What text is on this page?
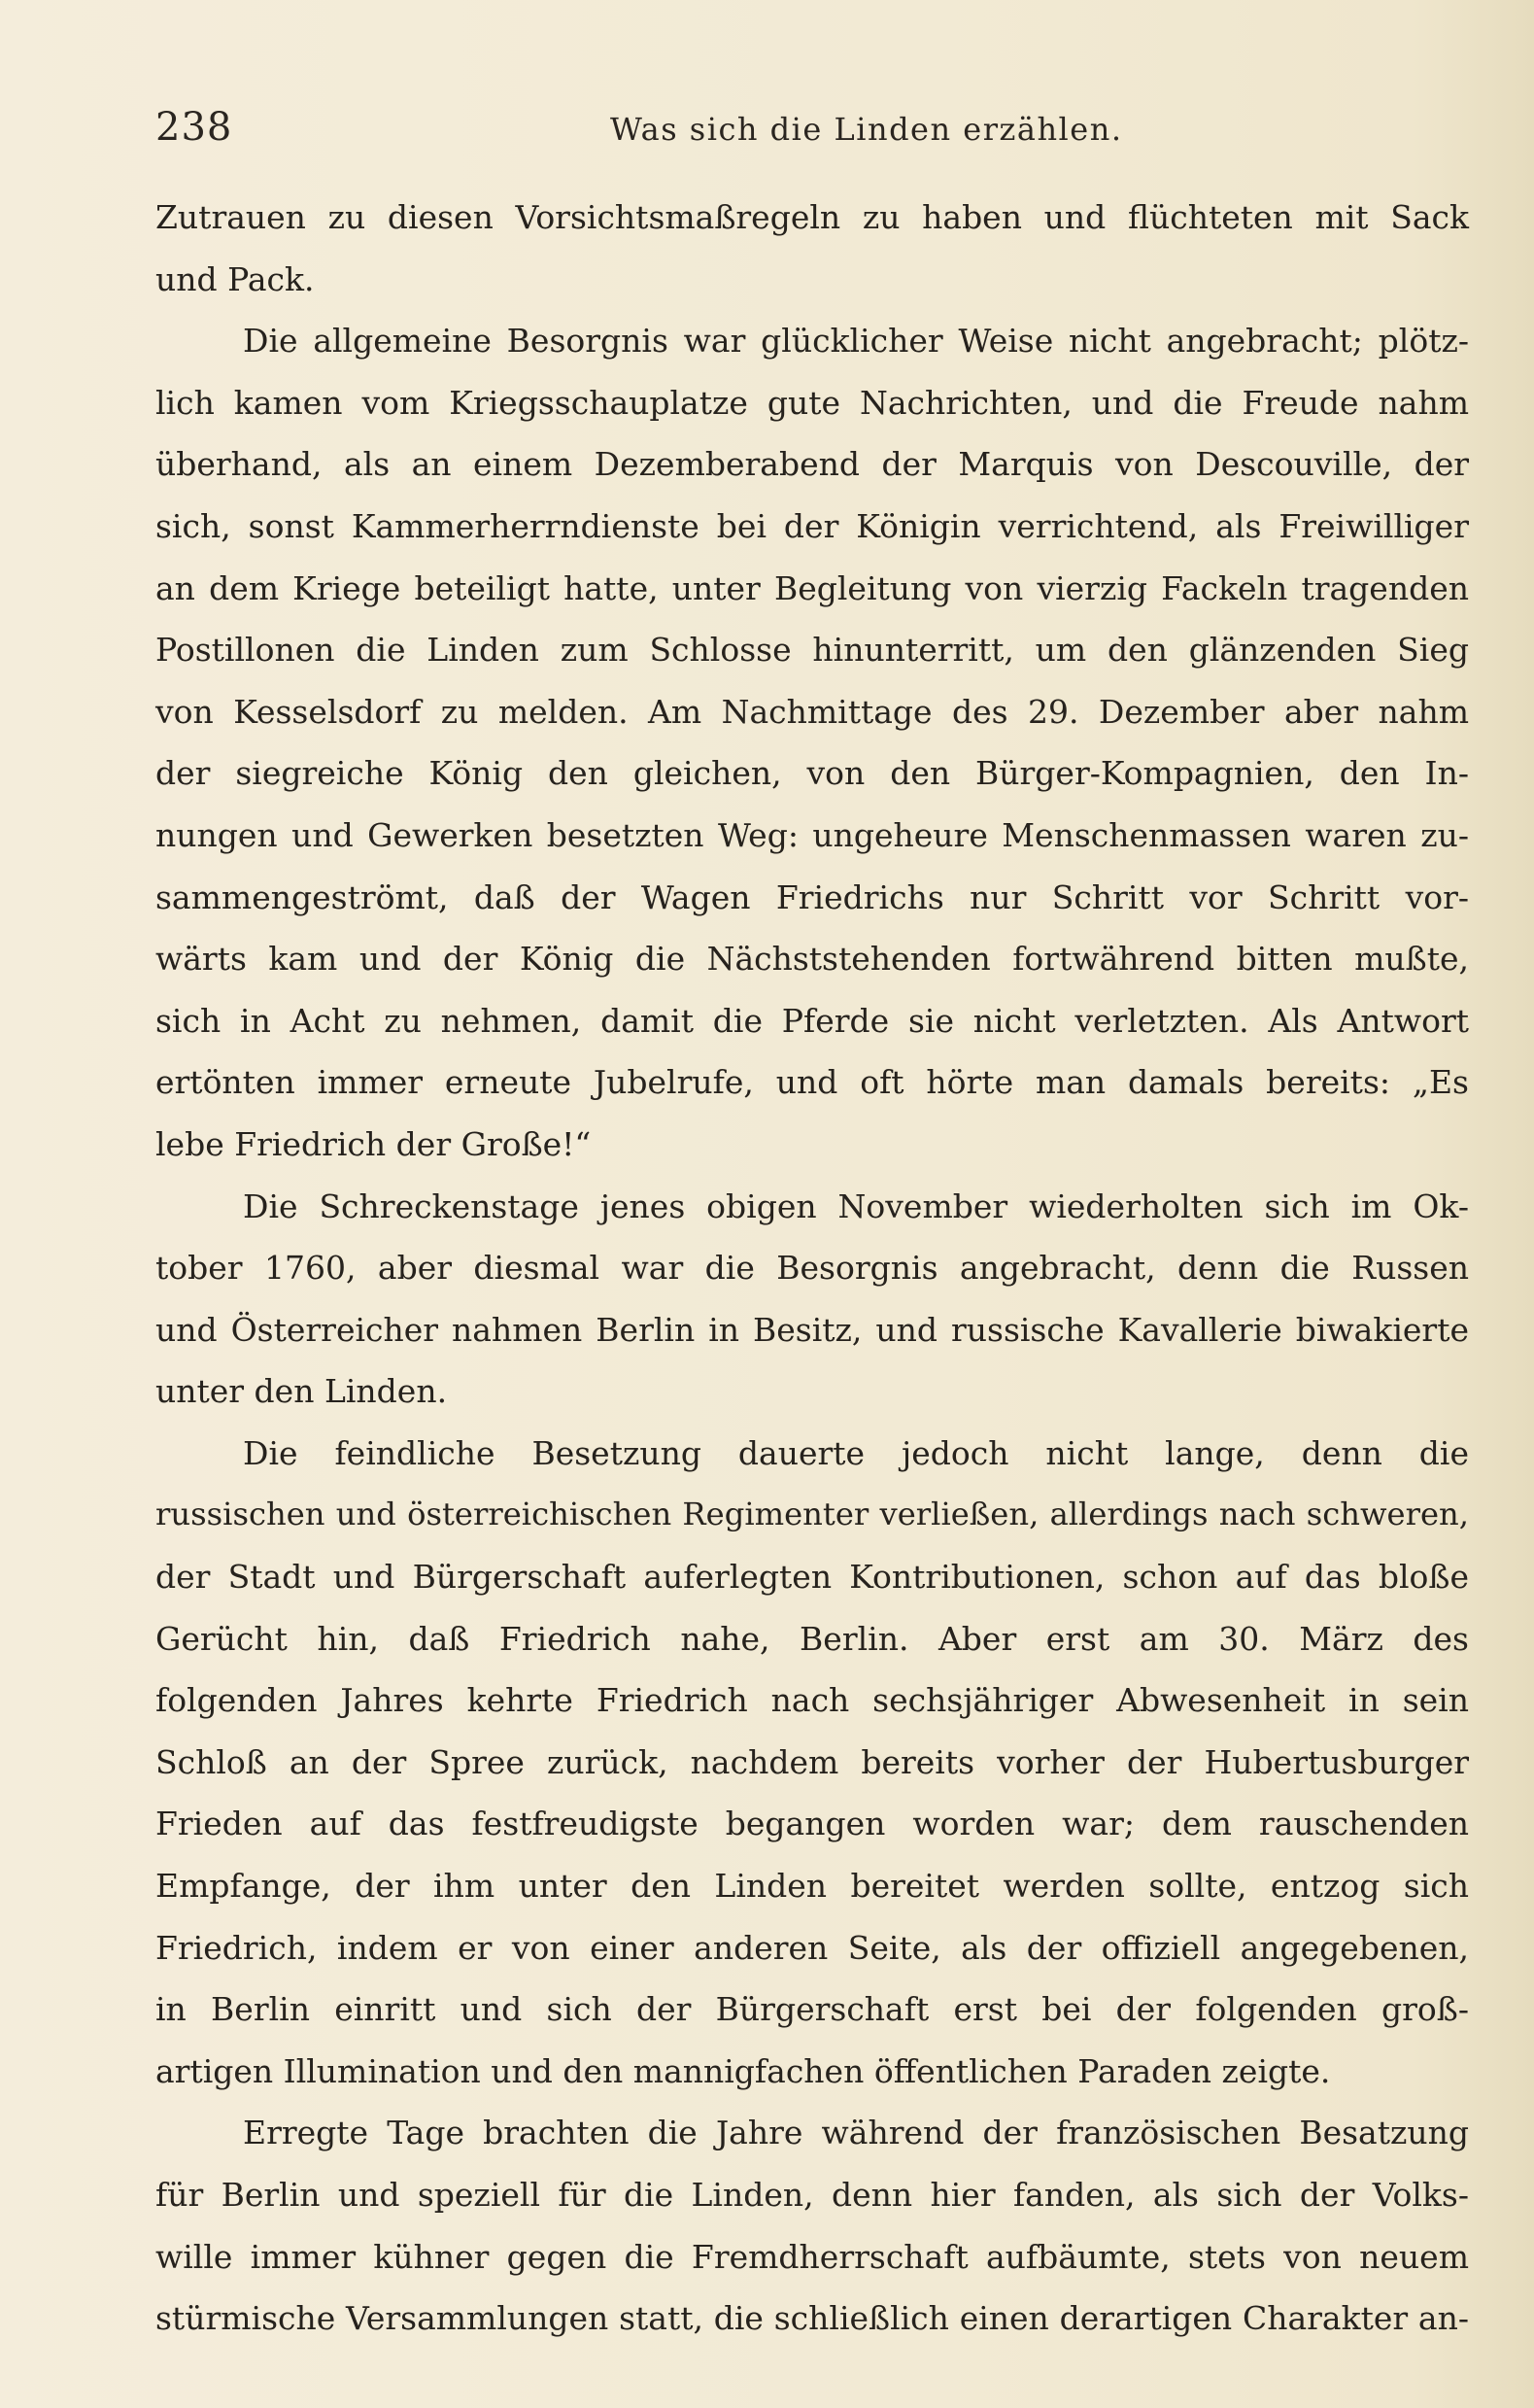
238	Was sich die Linden erzählen.
Zutrauen zu diesen Vorsichtsmaßregeln zu haben und flüchteten mit Sack
und Pack.
Die allgemeine Besorgnis war glücklicher Weise nicht angebracht; plötz-
lich kamen vom Kriegsschauplatze gute Nachrichten, und die Freude nahm
überhand, als an einem Dezemberabend der Marquis von Descouville, der
sich, sonst Kammerherrndienste bei der Königin verrichtend, als Freiwilliger
an dem Kriege beteiligt hatte, unter Begleitung von vierzig Fackeln tragenden
Postillonen die Linden zum Schlosse hinunterritt, um den glänzenden Sieg
von Kesselsdorf zu melden. Am Nachmittage des 29. Dezember aber nahm
der siegreiche König den gleichen, von den Bürger-Kompagnien, den In-
nungen und Gewerken besetzten Weg: ungeheure Menschenmassen waren zu-
sammengeströmt, daß der Wagen Friedrichs nur Schritt vor Schritt vor-
wärts kam und der König die Nächststehenden fortwährend bitten mußte,
sich in Acht zu nehmen, damit die Pferde sie nicht verletzten. Als Antwort
ertönten immer erneute Jubelrufe, und oft hörte man damals bereits: „Es
lebe Friedrich der Große!“
Die Schreckenstage jenes obigen November wiederholten sich im Ok-
tober 1760, aber diesmal war die Besorgnis angebracht, denn die Russen
und Österreicher nahmen Berlin in Besitz, und russische Kavallerie biwakierte
unter den Linden.
Die feindliche Besetzung dauerte jedoch nicht lange, denn die
russischen und österreichischen Regimenter verließen, allerdings nach schweren,
der Stadt und Bürgerschaft auferlegten Kontributionen, schon auf das bloße
Gerücht hin, daß Friedrich nahe, Berlin. Aber erst am 30. März des
folgenden Jahres kehrte Friedrich nach sechsjähriger Abwesenheit in sein
Schloß an der Spree zurück, nachdem bereits vorher der Hubertusburger
Frieden auf das festfreudigste begangen worden war; dem rauschenden
Empfange, der ihm unter den Linden bereitet werden sollte, entzog sich
Friedrich, indem er von einer anderen Seite, als der offiziell angegebenen,
in Berlin einritt und sich der Bürgerschaft erst bei der folgenden groß-
artigen Illumination und den mannigfachen öffentlichen Paraden zeigte.
Erregte Tage brachten die Jahre während der französischen Besatzung
für Berlin und speziell für die Linden, denn hier fanden, als sich der Volks-
wille immer kühner gegen die Fremdherrschaft aufbäumte, stets von neuem
stürmische Versammlungen statt, die schließlich einen derartigen Charakter an-
